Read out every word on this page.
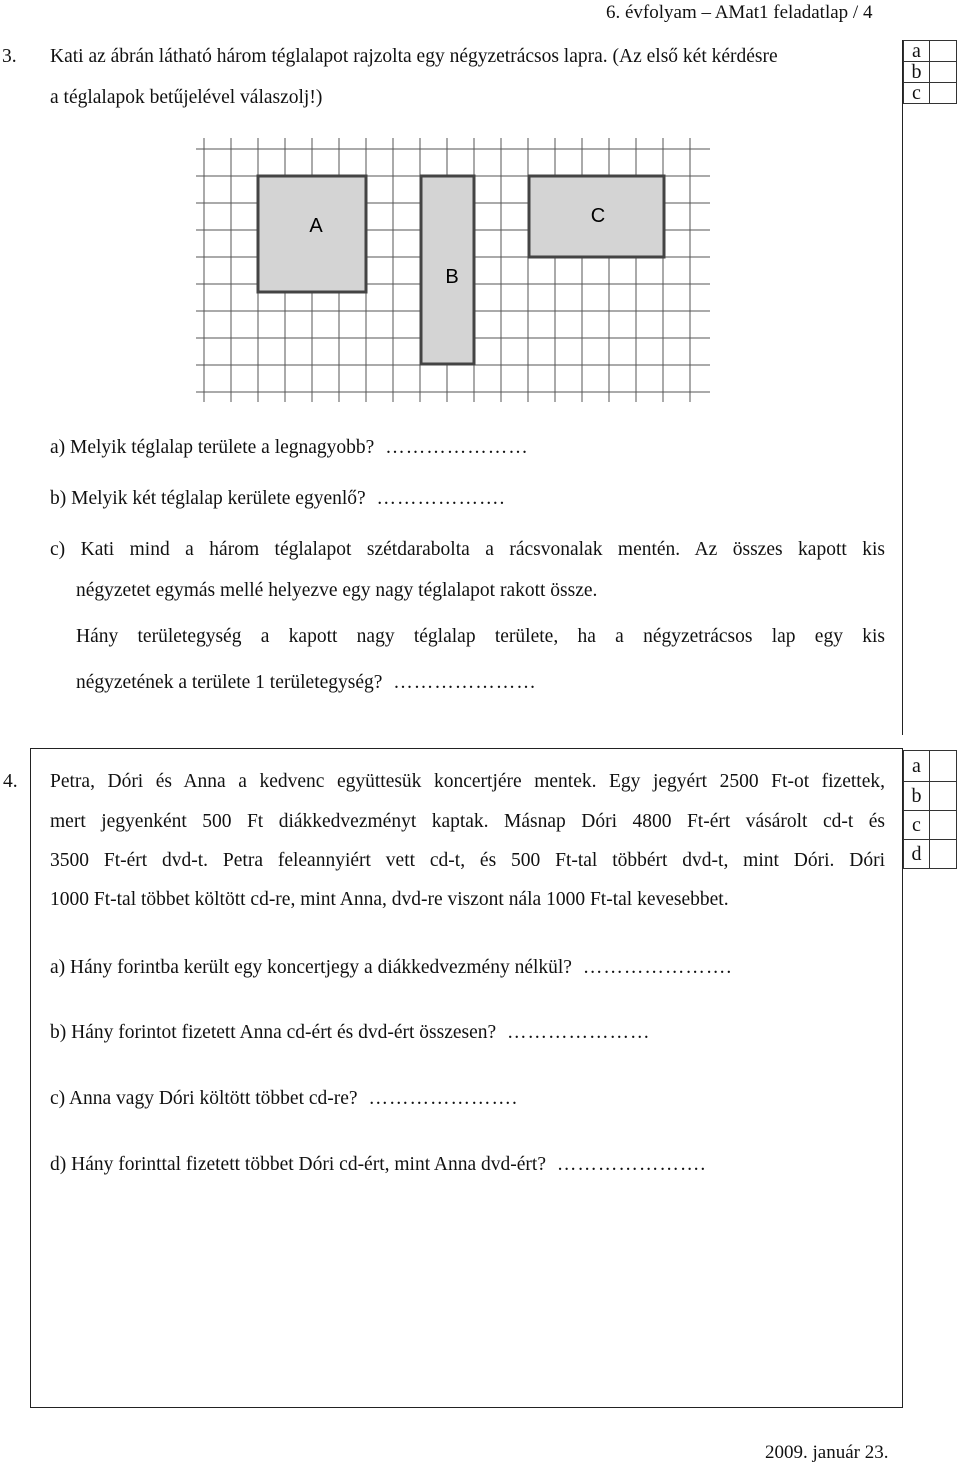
6. évfolyam – AMat1 feladatlap / 4
3. Kati az ábrán látható három téglalapot rajzolta egy négyzetrácsos lapra. (Az első két kérdésre
a téglalapok betűjelével válaszolj!)
a	
b	
c	
A
B
C
a) Melyik téglalap területe a legnagyobb? …………………
b) Melyik két téglalap kerülete egyenlő? ……………….
c) Kati mind a három téglalapot szétdarabolta a rácsvonalak mentén. Az összes kapott kis
négyzetet egymás mellé helyezve egy nagy téglalapot rakott össze.
Hány területegység a kapott nagy téglalap területe, ha a négyzetrácsos lap egy kis
négyzetének a területe 1 területegység? …………………
4.
a	
b	
c	
d	
Petra, Dóri és Anna a kedvenc együttesük koncertjére mentek. Egy jegyért 2500 Ft-ot fizettek,
mert jegyenként 500 Ft diákkedvezményt kaptak. Másnap Dóri 4800 Ft-ért vásárolt cd-t és
3500 Ft-ért dvd-t. Petra feleannyiért vett cd-t, és 500 Ft-tal többért dvd-t, mint Dóri. Dóri
1000 Ft-tal többet költött cd-re, mint Anna, dvd-re viszont nála 1000 Ft-tal kevesebbet.
a) Hány forintba került egy koncertjegy a diákkedvezmény nélkül? ………………….
b) Hány forintot fizetett Anna cd-ért és dvd-ért összesen? …………………
c) Anna vagy Dóri költött többet cd-re? ………………….
d) Hány forinttal fizetett többet Dóri cd-ért, mint Anna dvd-ért? ………………….
2009. január 23.
